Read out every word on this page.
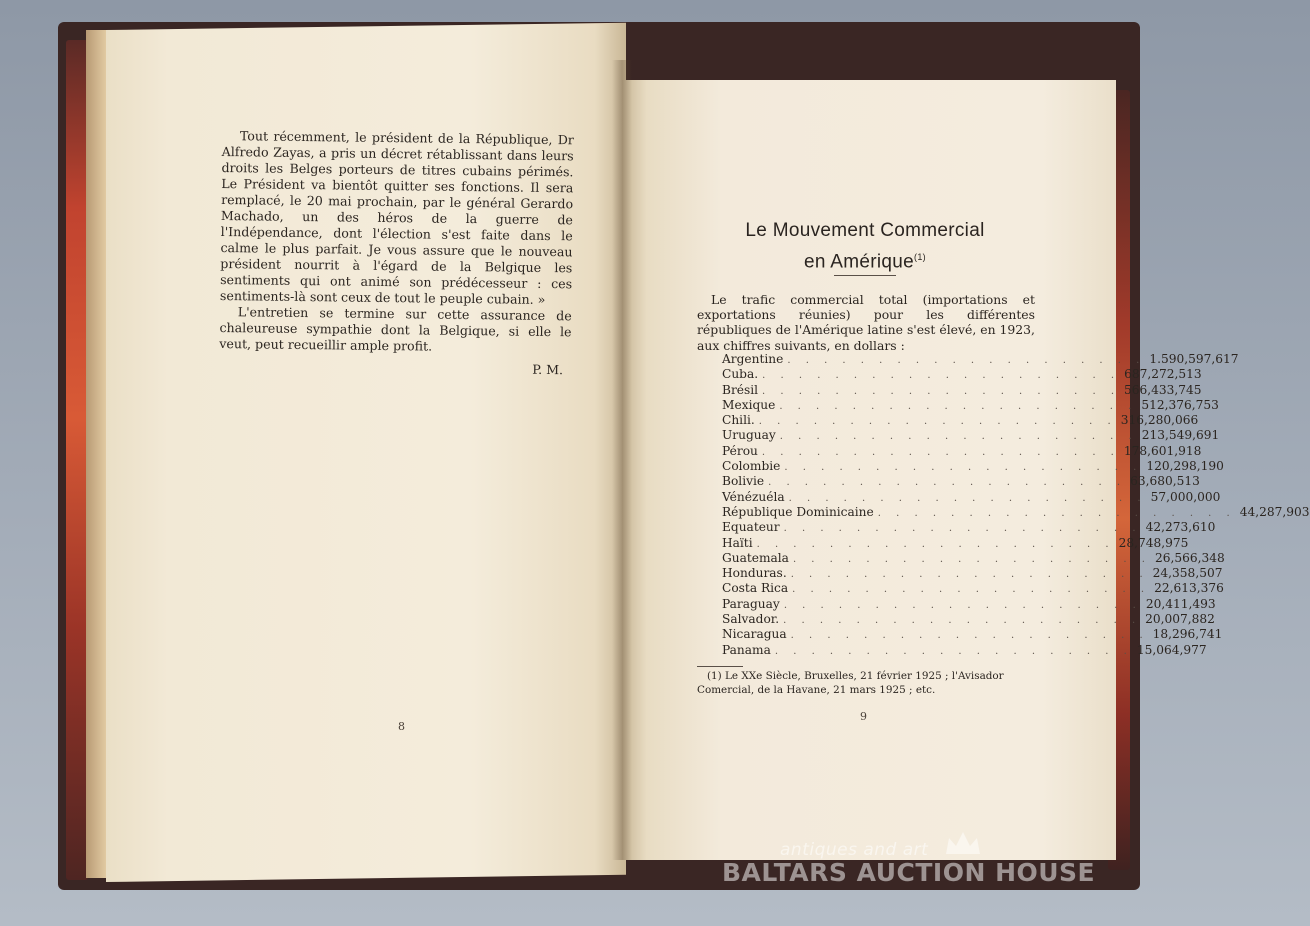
Tout récemment, le président de la République, Dr Alfredo Zayas, a pris un décret rétablissant dans leurs droits les Belges porteurs de titres cubains périmés. Le Président va bientôt quitter ses fonctions. Il sera remplacé, le 20 mai prochain, par le général Gerardo Machado, un des héros de la guerre de l'Indépendance, dont l'élection s'est faite dans le calme le plus parfait. Je vous assure que le nouveau président nourrit à l'égard de la Belgique les sentiments qui ont animé son prédécesseur : ces sentiments-là sont ceux de tout le peuple cubain. »

L'entretien se termine sur cette assurance de chaleureuse sympathie dont la Belgique, si elle le veut, peut recueillir ample profit.

P. M.

8
Le Mouvement Commercial
en Amérique$^{(1)}$

Le trafic commercial total (importations et exportations réunies) pour les différentes républiques de l'Amérique latine s'est élevé, en 1923, aux chiffres suivants, en dollars :

Argentine . . . . . . . . . . . . . . . . . . . . 1.590,597,617
Cuba. . . . . . . . . . . . . . . . . . . . . 687,272,513
Brésil . . . . . . . . . . . . . . . . . . . . 566,433,745
Mexique . . . . . . . . . . . . . . . . . . . . 512,376,753
Chili. . . . . . . . . . . . . . . . . . . . . 316,280,066
Uruguay . . . . . . . . . . . . . . . . . . . . 213,549,691
Pérou . . . . . . . . . . . . . . . . . . . . 178,601,918
Colombie . . . . . . . . . . . . . . . . . . . . 120,298,190
Bolivie . . . . . . . . . . . . . . . . . . . . 63,680,513
Vénézuéla . . . . . . . . . . . . . . . . . . . . 57,000,000
République Dominicaine . . . . . . . . . . . . . . . . . . . . 44,287,903
Equateur . . . . . . . . . . . . . . . . . . . . 42,273,610
Haïti . . . . . . . . . . . . . . . . . . . . 28,748,975
Guatemala . . . . . . . . . . . . . . . . . . . . 26,566,348
Honduras. . . . . . . . . . . . . . . . . . . . . 24,358,507
Costa Rica . . . . . . . . . . . . . . . . . . . . 22,613,376
Paraguay . . . . . . . . . . . . . . . . . . . . 20,411,493
Salvador. . . . . . . . . . . . . . . . . . . . . 20,007,882
Nicaragua . . . . . . . . . . . . . . . . . . . . 18,296,741
Panama . . . . . . . . . . . . . . . . . . . . 15,064,977

(1) Le XXe Siècle, Bruxelles, 21 février 1925 ; l'Avisador Comercial, de la Havane, 21 mars 1925 ; etc.

9
antiques and art
BALTARS AUCTION HOUSE
